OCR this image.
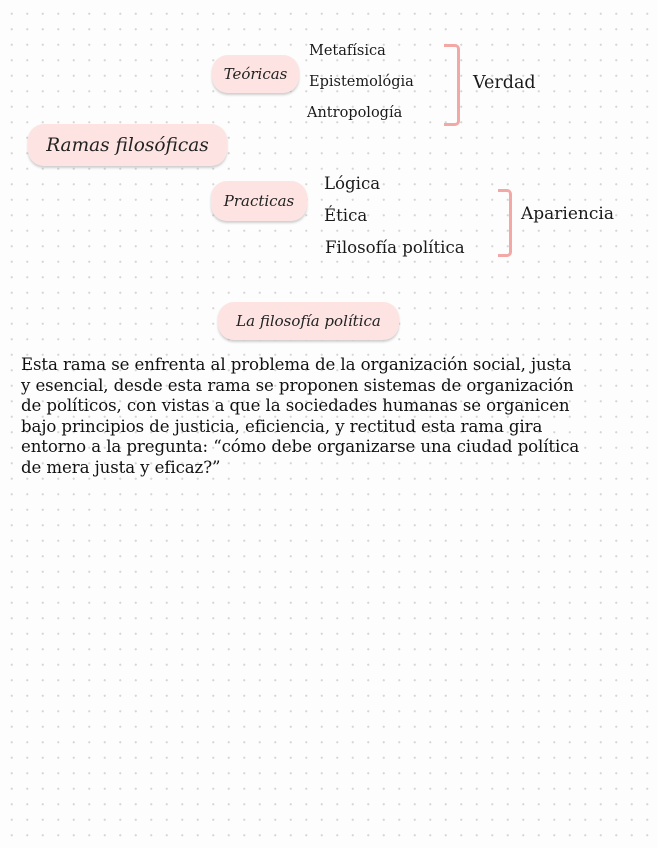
Ramas filosóficas
Teóricas
Metafísica
Epistemológia
Antropología
Verdad
Practicas
Lógica
Ética
Filosofía política
Apariencia
La filosofía política
Esta rama se enfrenta al problema de la organización social, justa
y esencial, desde esta rama se proponen sistemas de organización
de políticos, con vistas a que la sociedades humanas se organicen
bajo principios de justicia, eficiencia, y rectitud esta rama gira
entorno a la pregunta: “cómo debe organizarse una ciudad política
de mera justa y eficaz?”
